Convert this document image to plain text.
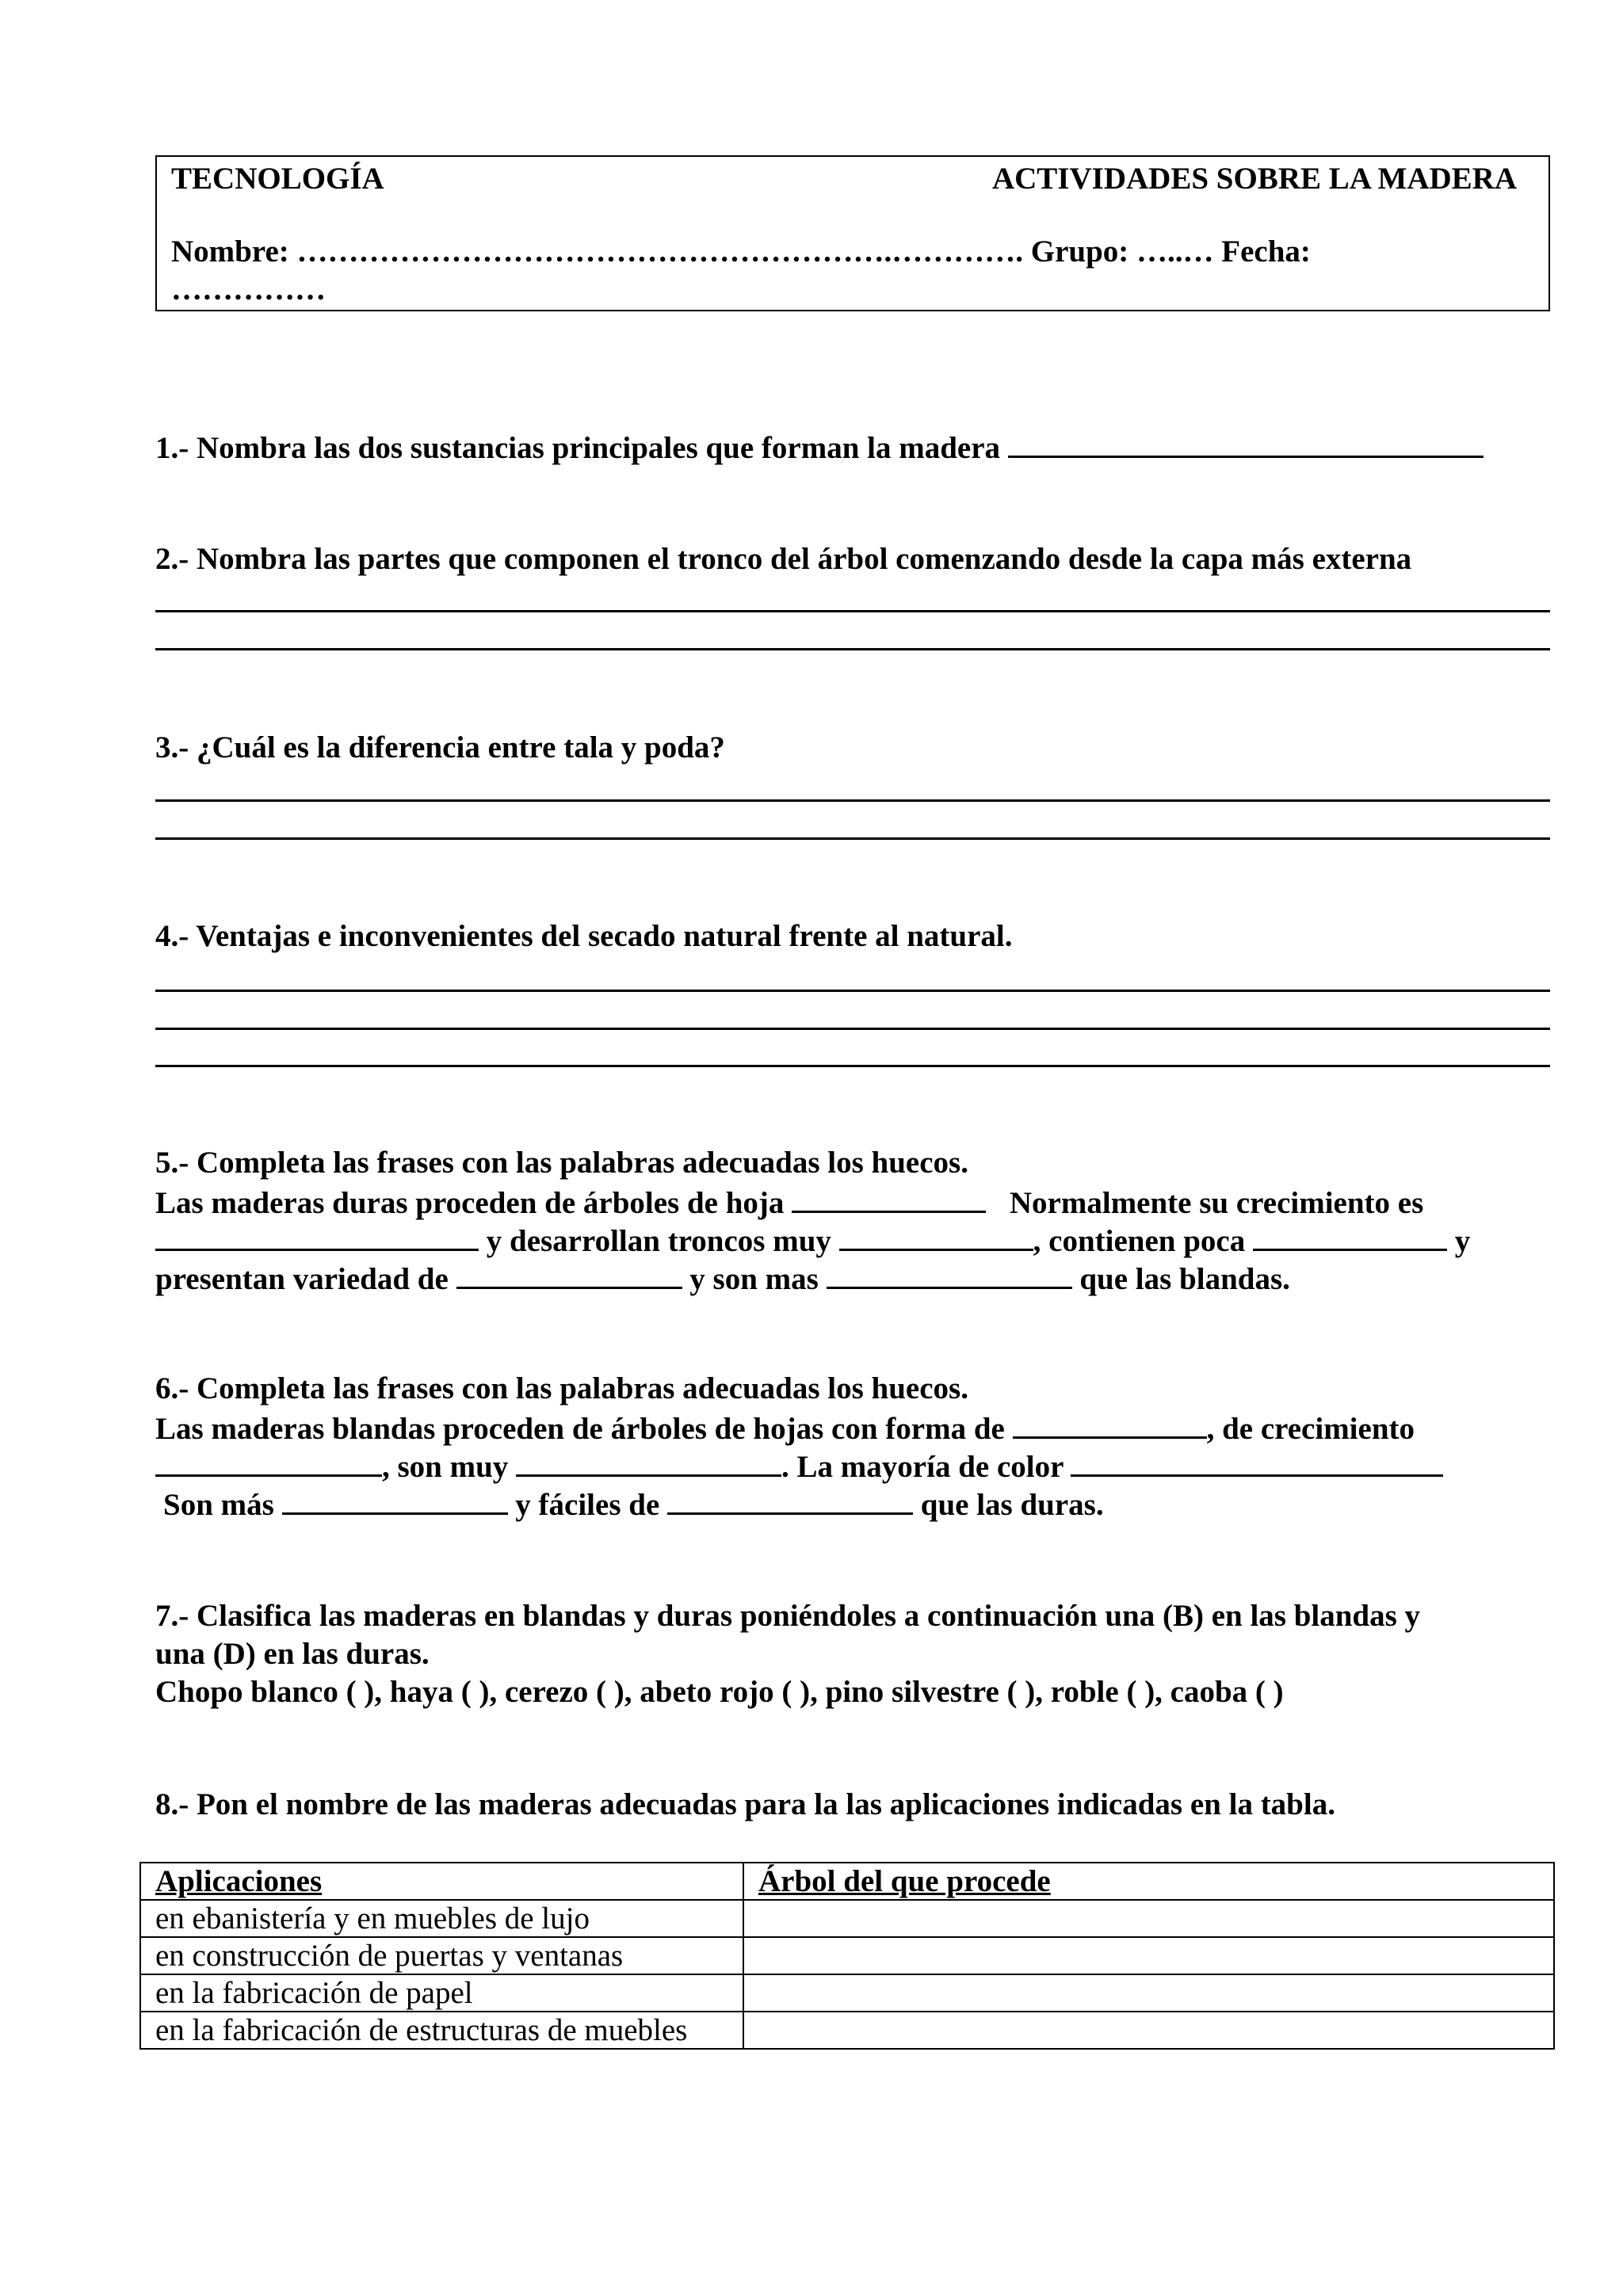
TECNOLOGÍA	ACTIVIDADES SOBRE LA MADERA
Nombre: ………………………………………………….…………. Grupo: …..… Fecha:
……………
1.- Nombra las dos sustancias principales que forman la madera
2.- Nombra las partes que componen el tronco del árbol comenzando desde la capa más externa
3.- ¿Cuál es la diferencia entre tala y poda?
4.- Ventajas e inconvenientes del secado natural frente al natural.
5.- Completa las frases con las palabras adecuadas los huecos.
Las maderas duras proceden de árboles de hoja	Normalmente su crecimiento es
y desarrollan troncos muy	, contienen poca	y
presentan variedad de	y son mas	que las blandas.
6.- Completa las frases con las palabras adecuadas los huecos.
Las maderas blandas proceden de árboles de hojas con forma de	, de crecimiento
, son muy	. La mayoría de color
Son más	y fáciles de	que las duras.
7.- Clasifica las maderas en blandas y duras poniéndoles a continuación una (B) en las blandas y
una (D) en las duras.
Chopo blanco ( ), haya ( ), cerezo ( ), abeto rojo ( ), pino silvestre ( ), roble ( ), caoba ( )
8.- Pon el nombre de las maderas adecuadas para la las aplicaciones indicadas en la tabla.
Aplicaciones	Árbol del que procede
en ebanistería y en muebles de lujo	
en construcción de puertas y ventanas	
en la fabricación de papel	
en la fabricación de estructuras de muebles	
